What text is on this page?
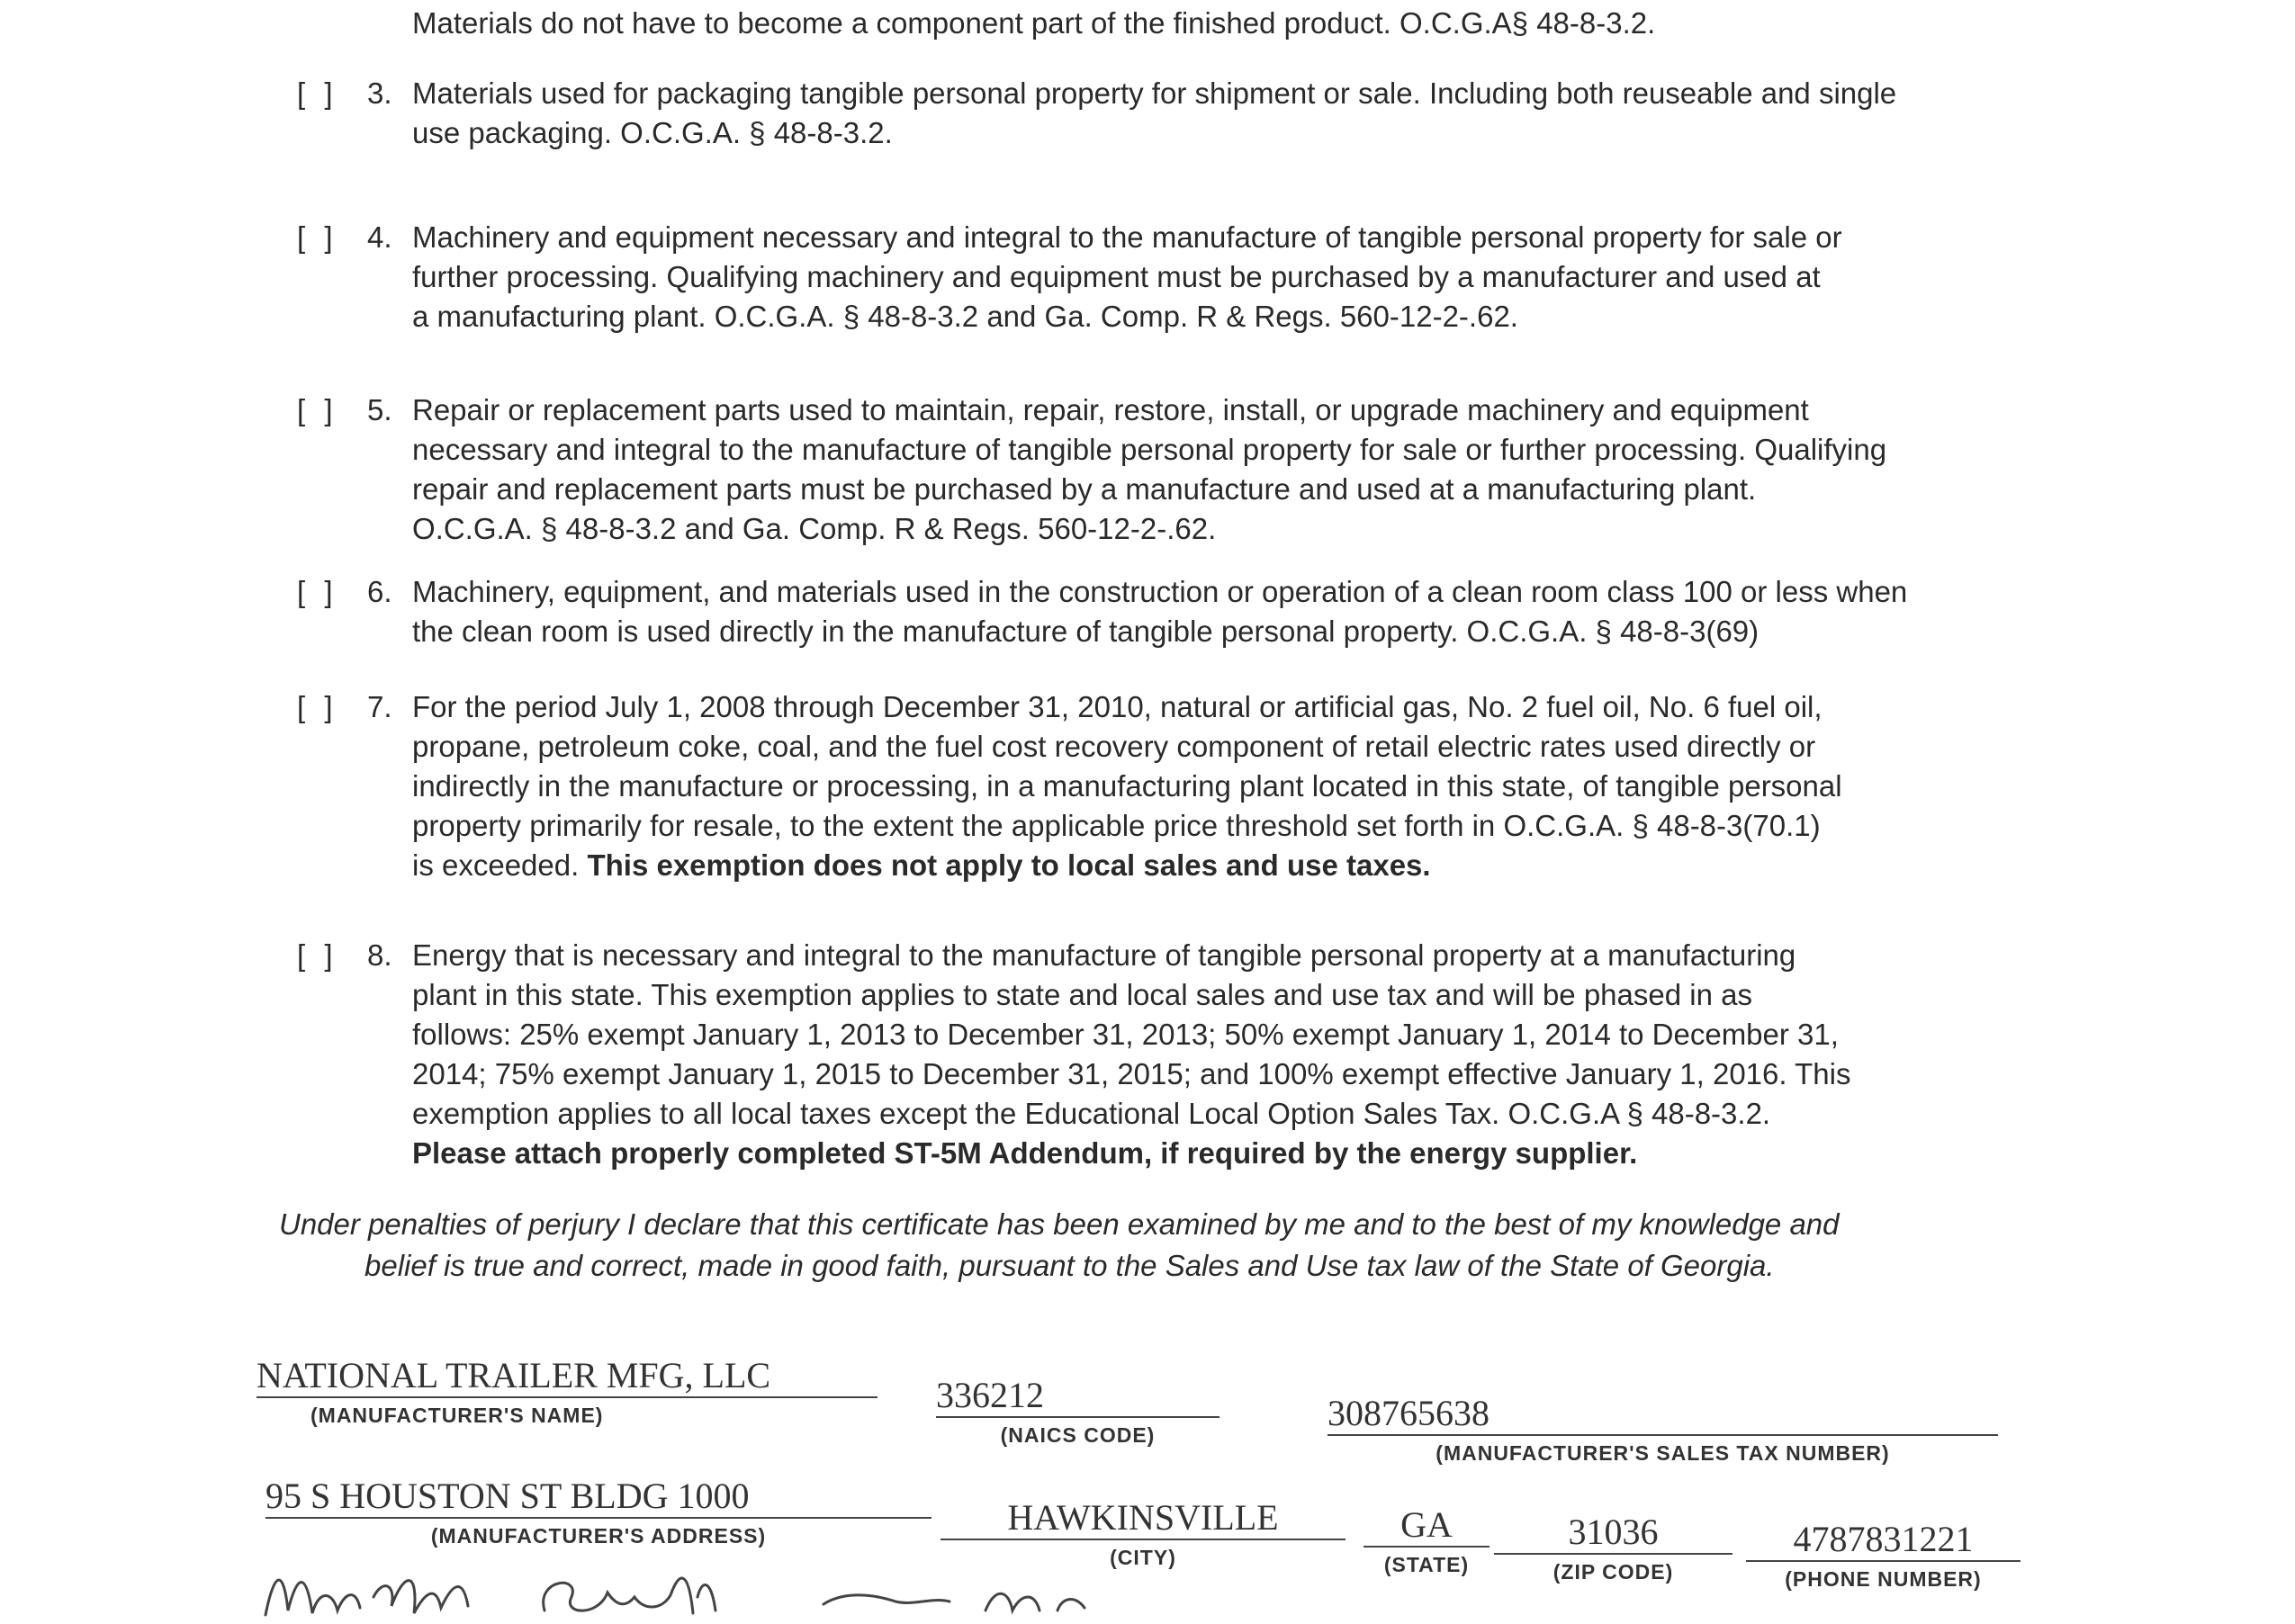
Materials do not have to become a component part of the finished product. O.C.G.A§ 48-8-3.2.
[ ] 3. Materials used for packaging tangible personal property for shipment or sale. Including both reuseable and single

use packaging. O.C.G.A. § 48-8-3.2.

[ ] 4. Machinery and equipment necessary and integral to the manufacture of tangible personal property for sale or

further processing. Qualifying machinery and equipment must be purchased by a manufacturer and used at

a manufacturing plant. O.C.G.A. § 48-8-3.2 and Ga. Comp. R & Regs. 560-12-2-.62.

[ ] 5. Repair or replacement parts used to maintain, repair, restore, install, or upgrade machinery and equipment

necessary and integral to the manufacture of tangible personal property for sale or further processing. Qualifying

repair and replacement parts must be purchased by a manufacture and used at a manufacturing plant.

O.C.G.A. § 48-8-3.2 and Ga. Comp. R & Regs. 560-12-2-.62.

[ ] 6. Machinery, equipment, and materials used in the construction or operation of a clean room class 100 or less when

the clean room is used directly in the manufacture of tangible personal property. O.C.G.A. § 48-8-3(69)

[ ] 7. For the period July 1, 2008 through December 31, 2010, natural or artificial gas, No. 2 fuel oil, No. 6 fuel oil,

propane, petroleum coke, coal, and the fuel cost recovery component of retail electric rates used directly or

indirectly in the manufacture or processing, in a manufacturing plant located in this state, of tangible personal

property primarily for resale, to the extent the applicable price threshold set forth in O.C.G.A. § 48-8-3(70.1)

is exceeded. This exemption does not apply to local sales and use taxes.

[ ] 8. Energy that is necessary and integral to the manufacture of tangible personal property at a manufacturing

plant in this state. This exemption applies to state and local sales and use tax and will be phased in as

follows: 25% exempt January 1, 2013 to December 31, 2013; 50% exempt January 1, 2014 to December 31,

2014; 75% exempt January 1, 2015 to December 31, 2015; and 100% exempt effective January 1, 2016. This

exemption applies to all local taxes except the Educational Local Option Sales Tax. O.C.G.A § 48-8-3.2.

Please attach properly completed ST-5M Addendum, if required by the energy supplier.

Under penalties of perjury I declare that this certificate has been examined by me and to the best of my knowledge and

belief is true and correct, made in good faith, pursuant to the Sales and Use tax law of the State of Georgia.

NATIONAL TRAILER MFG, LLC
(MANUFACTURER'S NAME)	336212
(NAICS CODE)
308765638
(MANUFACTURER'S SALES TAX NUMBER)
95 S HOUSTON ST BLDG 1000
(MANUFACTURER'S ADDRESS)	HAWKINSVILLE
(CITY)
GA
(STATE)
31036
(ZIP CODE)
4787831221
(PHONE NUMBER)
